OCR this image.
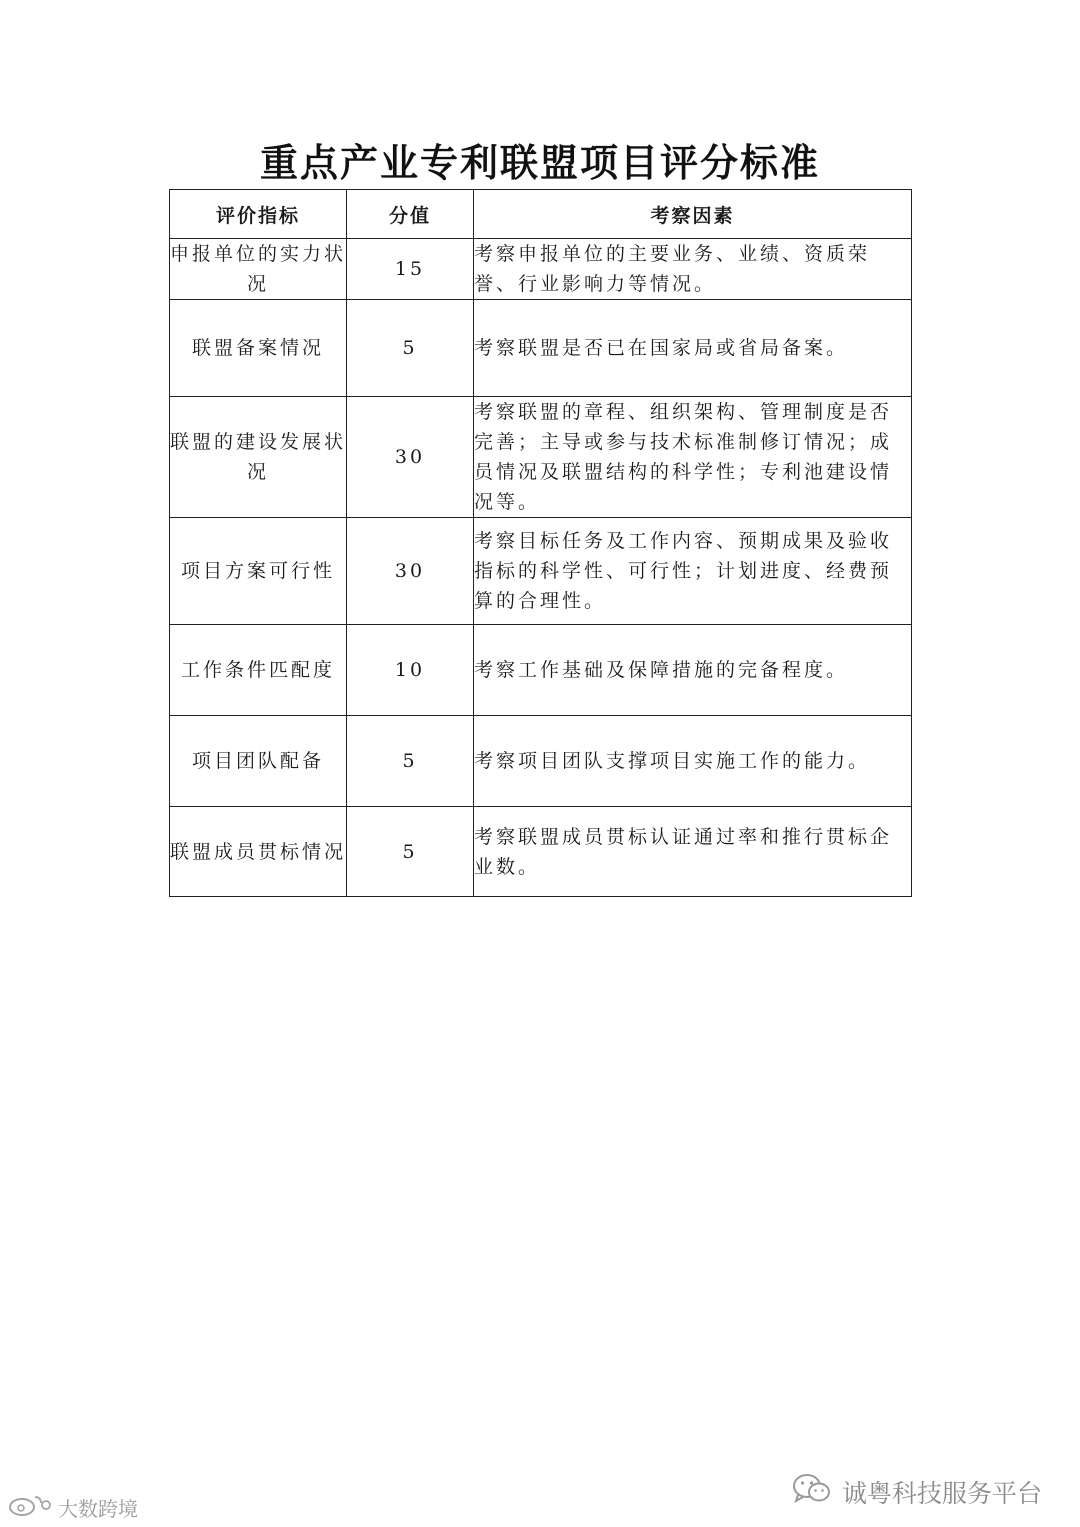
重点产业专利联盟项目评分标准
评价指标	分值	考察因素
申报单位的实力状况	15	考察申报单位的主要业务、业绩、资质荣誉、行业影响力等情况。
联盟备案情况	5	考察联盟是否已在国家局或省局备案。
联盟的建设发展状况	30	考察联盟的章程、组织架构、管理制度是否完善；主导或参与技术标准制修订情况；成员情况及联盟结构的科学性；专利池建设情况等。
项目方案可行性	30	考察目标任务及工作内容、预期成果及验收指标的科学性、可行性；计划进度、经费预算的合理性。
工作条件匹配度	10	考察工作基础及保障措施的完备程度。
项目团队配备	5	考察项目团队支撑项目实施工作的能力。
联盟成员贯标情况	5	考察联盟成员贯标认证通过率和推行贯标企业数。
诚粤科技服务平台
大数跨境
